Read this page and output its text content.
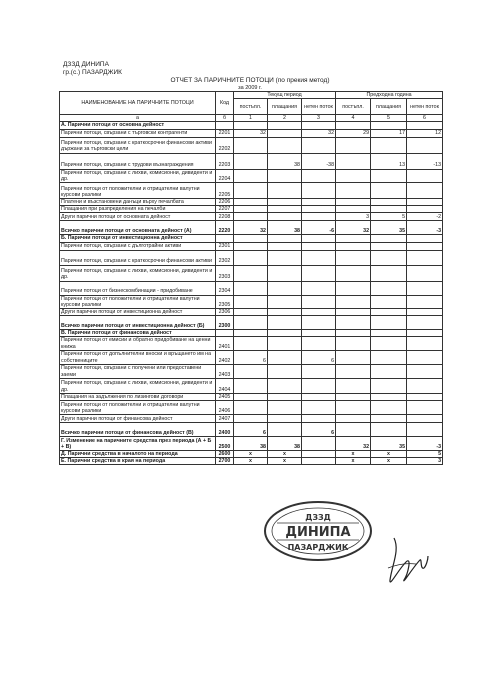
ДЗЗД ДИНИПА
гр.(с.) ПАЗАРДЖИК
ОТЧЕТ ЗА ПАРИЧНИТЕ ПОТОЦИ (по прекия метод)
за 2009 г.
НАИМЕНОВАНИЕ НА ПАРИЧНИТЕ ПОТОЦИ	Код	Текущ период			Предходна година		
		постъпл.	плащания	нетен поток	постъпл.	плащания	нетен поток
а	б	1	2	3	4	5	6
А. Парични потоци от основна дейност							
Парични потоци, свързани с търговски контрагенти	2201	32		32	29	17	12
Парични потоци, свързани с краткосрочни финансови активи държани за търговски цели	2202						
Парични потоци, свързани с трудови възнаграждения	2203		38	-38		13	-13
Парични потоци, свързани с лихви, комисионни, дивиденти и др.	2204						
Парични потоци от положителни и отрицателни валутни курсови разлики	2205						
Платени и възстановени данъци върху печалбата	2206						
Плащания при разпределения на печалби	2207						
Други парични потоци от основната дейност	2208				3	5	-2
Всичко парични потоци от основната дейност (А)	2220	32	38	-6	32	35	-3
Б. Парични потоци от инвестиционна дейност							
Парични потоци, свързани с дълготрайни активи	2301						
Парични потоци, свързани с краткосрочни финансови активи	2302						
Парични потоци, свързани с лихви, комисионни, дивиденти и др.	2303						
Парични потоци от бизнескомбинации - придобиване	2304						
Парични потоци от положителни и отрицателни валутни курсови разлики	2305						
Други парични потоци от инвестиционна дейност	2306						
Всичко парични потоци от инвестиционна дейност (Б)	2300						
В. Парични потоци от финансова дейност							
Парични потоци от емисии и обратно придобиване на ценни книжа	2401						
Парични потоци от допълнителни вноски и връщането им на собствениците	2402	6		6			
Парични потоци, свързани с получени или предоставени заеми	2403						
Парични потоци, свързани с лихви, комисионни, дивиденти и др.	2404						
Плащания на задължения по лизингови договори	2405						
Парични потоци от положителни и отрицателни валутни курсови разлики	2406						
Други парични потоци от финансова дейност	2407						
Всичко парични потоци от финансова дейност (В)	2400	6		6			
Г. Изменение на паричните средства през периода (А + Б + В)	2500	38	38		32	35	-3
Д. Парични средства в началото на периода	2600	x	x		x	x	5
Е. Парични средства в края на периода	2700	x	x		x	x	3
ДЗЗД
ДИНИПА
ПАЗАРДЖИК
